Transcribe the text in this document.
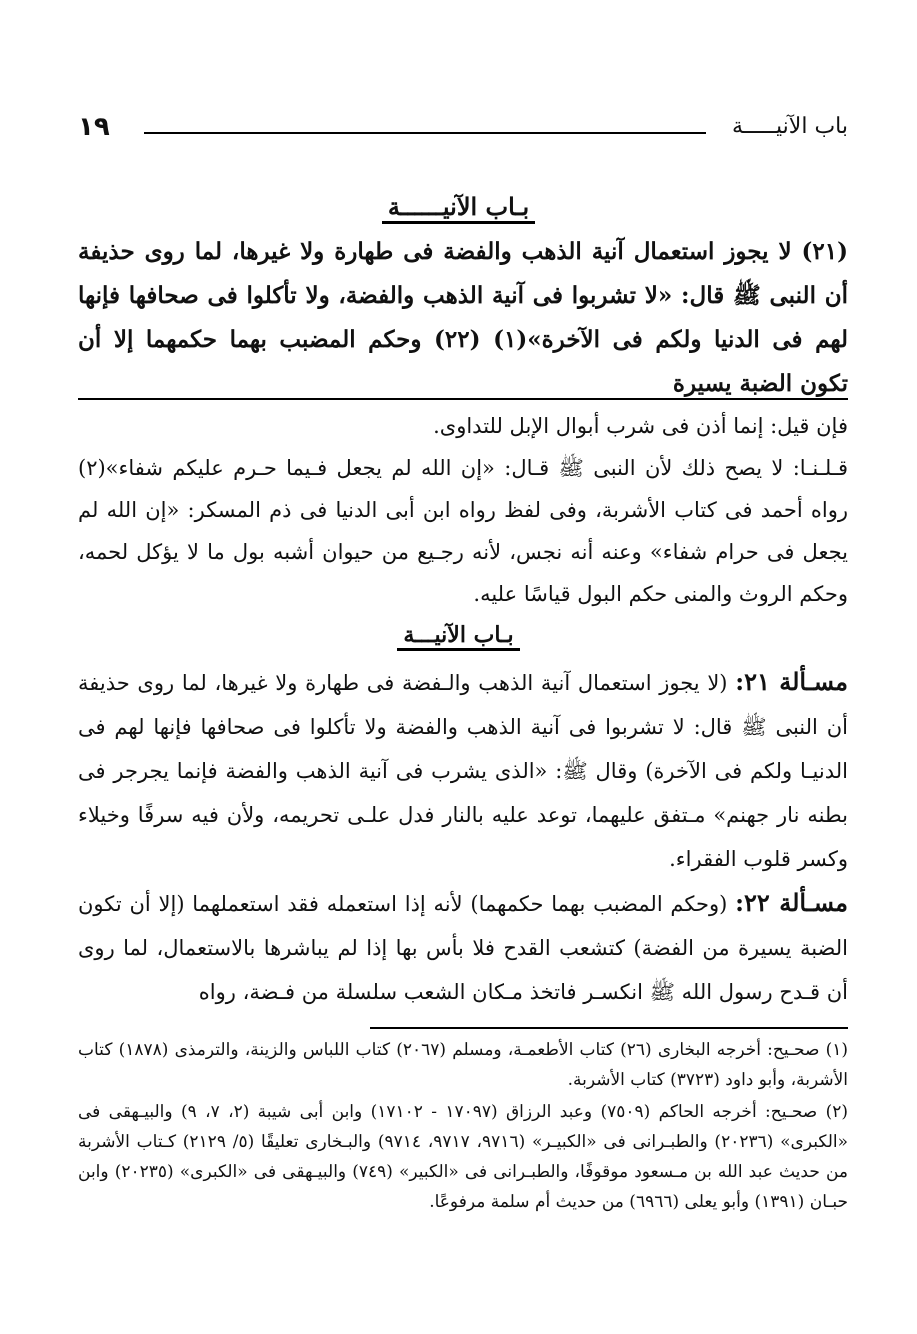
١٩	باب الآنيـــــة
بـاب الآنيــــــة
(٢١) لا يجوز استعمال آنية الذهب والفضة فى طهارة ولا غيرها، لما روى حذيفة أن النبى ﷺ قال: «لا تشربوا فى آنية الذهب والفضة، ولا تأكلوا فى صحافها فإنها لهم فى الدنيا ولكم فى الآخرة»(١) (٢٢) وحكم المضبب بهما حكمهما إلا أن تكون الضبة يسيرة
فإن قيل: إنما أذن فى شرب أبوال الإبل للتداوى.
قـلـنـا: لا يصح ذلك لأن النبى ﷺ قـال: «إن الله لم يجعل فـيما حـرم عليكم شفاء»(٢) رواه أحمد فى كتاب الأشربة، وفى لفظ رواه ابن أبى الدنيا فى ذم المسكر: «إن الله لم يجعل فى حرام شفاء» وعنه أنه نجس، لأنه رجـيع من حيوان أشبه بول ما لا يؤكل لحمه، وحكم الروث والمنى حكم البول قياسًا عليه.
بـاب الآنيـــة
مسـألة ٢١: (لا يجوز استعمال آنية الذهب والـفضة فى طهارة ولا غيرها، لما روى حذيفة أن النبى ﷺ قال: لا تشربوا فى آنية الذهب والفضة ولا تأكلوا فى صحافها فإنها لهم فى الدنيـا ولكم فى الآخرة) وقال ﷺ: «الذى يشرب فى آنية الذهب والفضة فإنما يجرجر فى بطنه نار جهنم» مـتفق عليهما، توعد عليه بالنار فدل علـى تحريمه، ولأن فيه سرفًا وخيلاء وكسر قلوب الفقراء.
مسـألة ٢٢: (وحكم المضبب بهما حكمهما) لأنه إذا استعمله فقد استعملهما (إلا أن تكون الضبة يسيرة من الفضة) كتشعب القدح فلا بأس بها إذا لم يباشرها بالاستعمال، لما روى أن قـدح رسول الله ﷺ انكسـر فاتخذ مـكان الشعب سلسلة من فـضة، رواه
(١) صحـيح: أخرجه البخارى (٢٦) كتاب الأطعمـة، ومسلم (٢٠٦٧) كتاب اللباس والزينة، والترمذى (١٨٧٨) كتاب الأشربة، وأبو داود (٣٧٢٣) كتاب الأشربة.
(٢) صحـيح: أخرجه الحاكم (٧٥٠٩) وعبد الرزاق (١٧٠٩٧ - ١٧١٠٢) وابن أبى شيبة (٢، ٧، ٩) والبيـهقى فى «الكبرى» (٢٠٢٣٦) والطبـرانى فى «الكبيـر» (٩٧١٦، ٩٧١٧، ٩٧١٤) والبـخارى تعليقًا (٥/ ٢١٢٩) كـتاب الأشربة من حديث عبد الله بن مـسعود موقوفًا، والطبـرانى فى «الكبير» (٧٤٩) والبيـهقى فى «الكبرى» (٢٠٢٣٥) وابن حبـان (١٣٩١) وأبو يعلى (٦٩٦٦) من حديث أم سلمة مرفوعًا.
